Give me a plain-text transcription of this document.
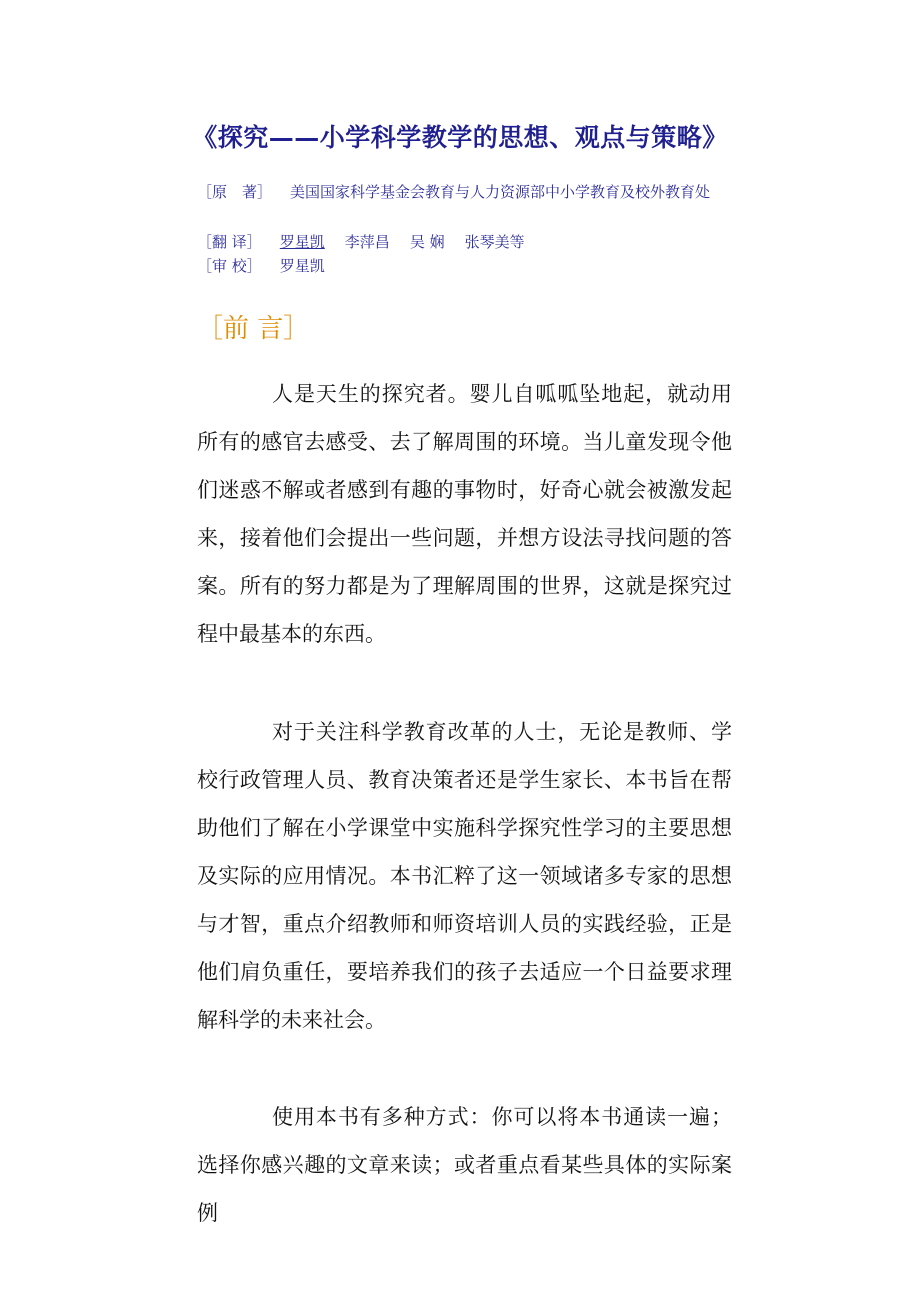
《探究——小学科学教学的思想、观点与策略》
［原　著］ 美国国家科学基金会教育与人力资源部中小学教育及校外教育处
［翻 译］ 罗星凯 李萍昌 吴 娴 张琴美等
［审 校］ 罗星凯
［前 言］
人是天生的探究者。婴儿自呱呱坠地起，就动用所有的感官去感受、去了解周围的环境。当儿童发现令他们迷惑不解或者感到有趣的事物时，好奇心就会被激发起来，接着他们会提出一些问题，并想方设法寻找问题的答案。所有的努力都是为了理解周围的世界，这就是探究过程中最基本的东西。
对于关注科学教育改革的人士，无论是教师、学校行政管理人员、教育决策者还是学生家长、本书旨在帮助他们了解在小学课堂中实施科学探究性学习的主要思想及实际的应用情况。本书汇粹了这一领域诸多专家的思想与才智，重点介绍教师和师资培训人员的实践经验，正是他们肩负重任，要培养我们的孩子去适应一个日益要求理解科学的未来社会。
使用本书有多种方式：你可以将本书通读一遍；选择你感兴趣的文章来读；或者重点看某些具体的实际案例
